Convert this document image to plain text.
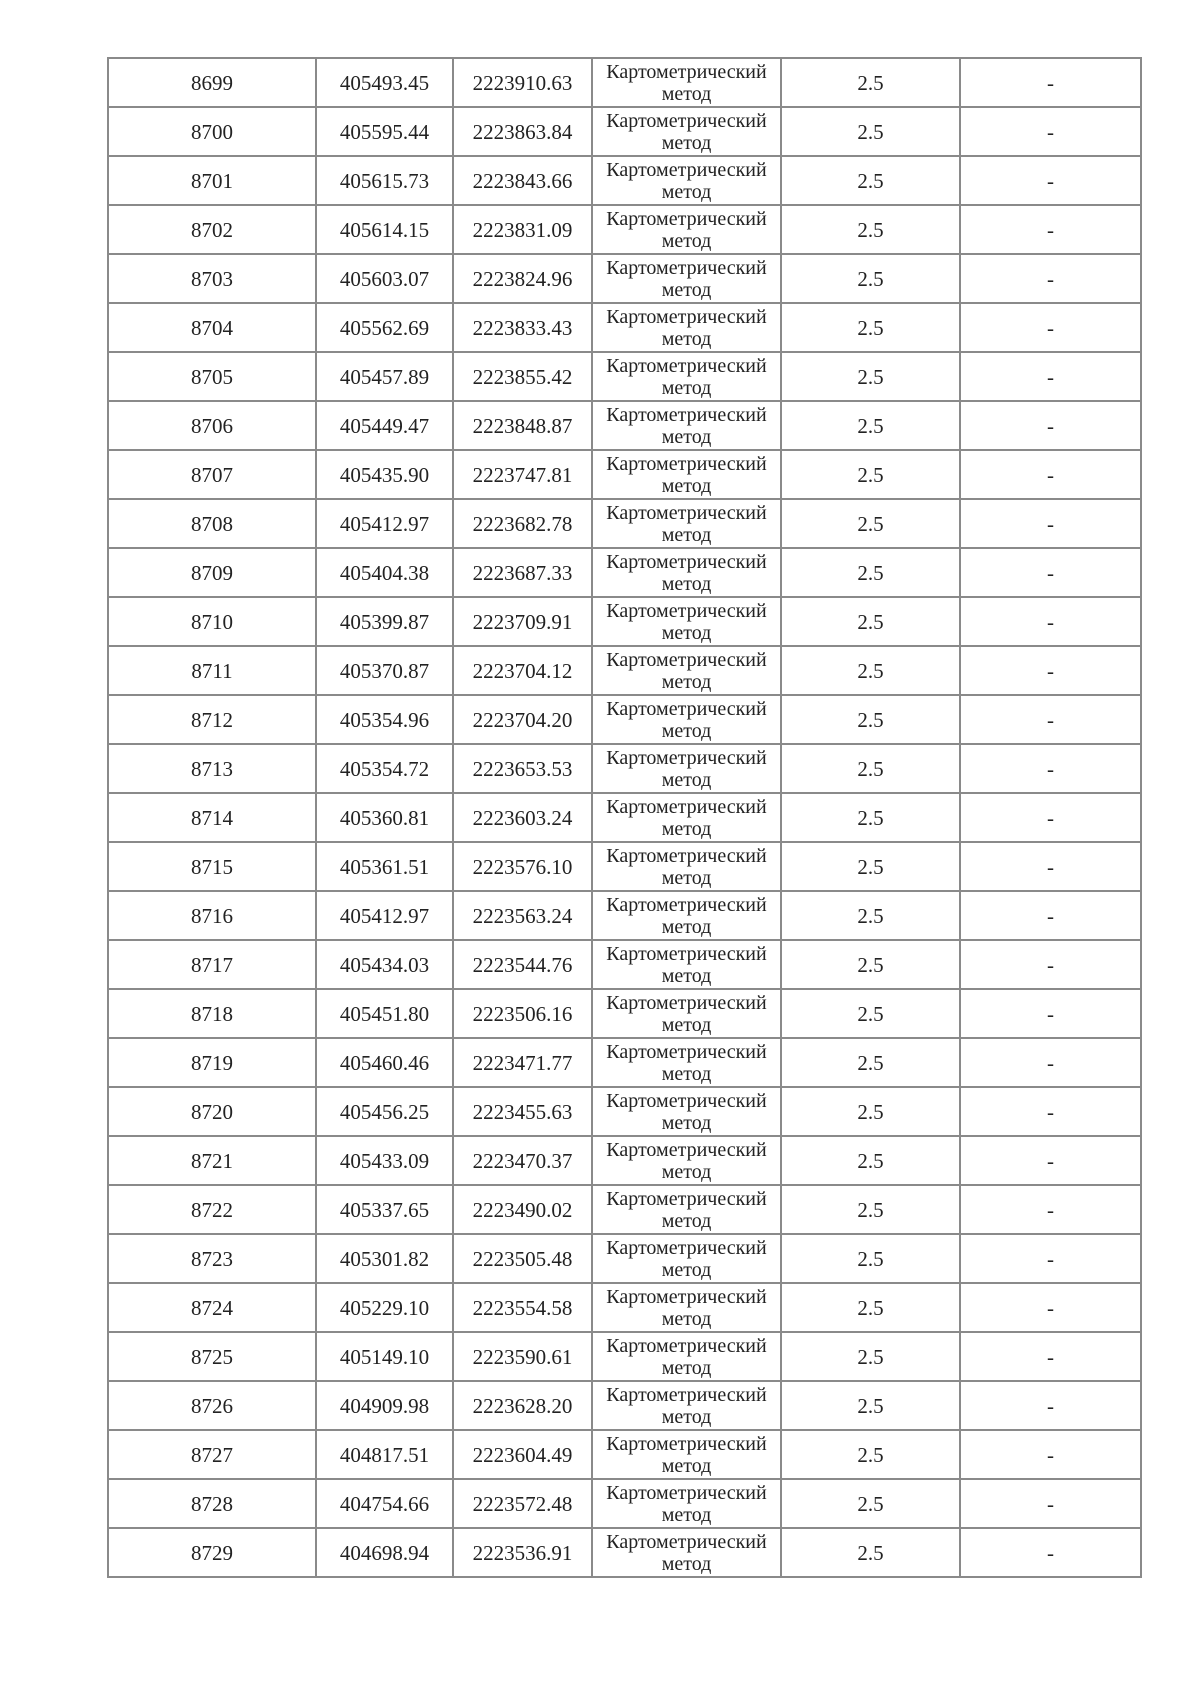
8699	405493.45	2223910.63	Картометрический
метод	2.5	-
8700	405595.44	2223863.84	Картометрический
метод	2.5	-
8701	405615.73	2223843.66	Картометрический
метод	2.5	-
8702	405614.15	2223831.09	Картометрический
метод	2.5	-
8703	405603.07	2223824.96	Картометрический
метод	2.5	-
8704	405562.69	2223833.43	Картометрический
метод	2.5	-
8705	405457.89	2223855.42	Картометрический
метод	2.5	-
8706	405449.47	2223848.87	Картометрический
метод	2.5	-
8707	405435.90	2223747.81	Картометрический
метод	2.5	-
8708	405412.97	2223682.78	Картометрический
метод	2.5	-
8709	405404.38	2223687.33	Картометрический
метод	2.5	-
8710	405399.87	2223709.91	Картометрический
метод	2.5	-
8711	405370.87	2223704.12	Картометрический
метод	2.5	-
8712	405354.96	2223704.20	Картометрический
метод	2.5	-
8713	405354.72	2223653.53	Картометрический
метод	2.5	-
8714	405360.81	2223603.24	Картометрический
метод	2.5	-
8715	405361.51	2223576.10	Картометрический
метод	2.5	-
8716	405412.97	2223563.24	Картометрический
метод	2.5	-
8717	405434.03	2223544.76	Картометрический
метод	2.5	-
8718	405451.80	2223506.16	Картометрический
метод	2.5	-
8719	405460.46	2223471.77	Картометрический
метод	2.5	-
8720	405456.25	2223455.63	Картометрический
метод	2.5	-
8721	405433.09	2223470.37	Картометрический
метод	2.5	-
8722	405337.65	2223490.02	Картометрический
метод	2.5	-
8723	405301.82	2223505.48	Картометрический
метод	2.5	-
8724	405229.10	2223554.58	Картометрический
метод	2.5	-
8725	405149.10	2223590.61	Картометрический
метод	2.5	-
8726	404909.98	2223628.20	Картометрический
метод	2.5	-
8727	404817.51	2223604.49	Картометрический
метод	2.5	-
8728	404754.66	2223572.48	Картометрический
метод	2.5	-
8729	404698.94	2223536.91	Картометрический
метод	2.5	-
